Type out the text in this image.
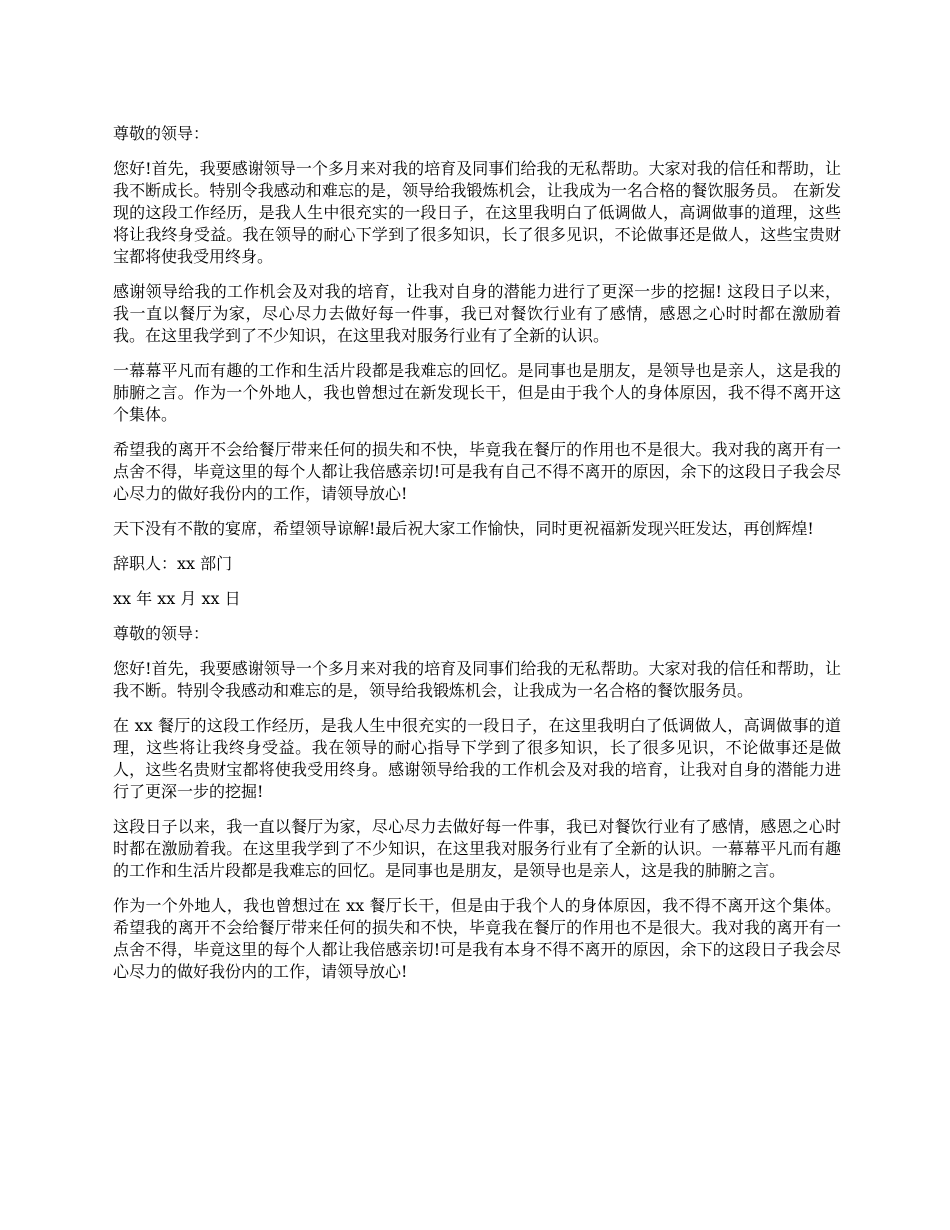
尊敬的领导：

您好!首先，我要感谢领导一个多月来对我的培育及同事们给我的无私帮助。大家对我的信任和帮助，让我不断成长。特别令我感动和难忘的是，领导给我锻炼机会，让我成为一名合格的餐饮服务员。 在新发现的这段工作经历，是我人生中很充实的一段日子，在这里我明白了低调做人，高调做事的道理，这些将让我终身受益。我在领导的耐心下学到了很多知识，长了很多见识，不论做事还是做人，这些宝贵财宝都将使我受用终身。

感谢领导给我的工作机会及对我的培育，让我对自身的潜能力进行了更深一步的挖掘! 这段日子以来，我一直以餐厅为家，尽心尽力去做好每一件事，我已对餐饮行业有了感情，感恩之心时时都在激励着我。在这里我学到了不少知识，在这里我对服务行业有了全新的认识。

一幕幕平凡而有趣的工作和生活片段都是我难忘的回忆。是同事也是朋友，是领导也是亲人，这是我的肺腑之言。作为一个外地人，我也曾想过在新发现长干，但是由于我个人的身体原因，我不得不离开这个集体。

希望我的离开不会给餐厅带来任何的损失和不快，毕竟我在餐厅的作用也不是很大。我对我的离开有一点舍不得，毕竟这里的每个人都让我倍感亲切!可是我有自己不得不离开的原因，余下的这段日子我会尽心尽力的做好我份内的工作，请领导放心!

天下没有不散的宴席，希望领导谅解!最后祝大家工作愉快，同时更祝福新发现兴旺发达，再创辉煌!

辞职人：xx 部门

xx 年 xx 月 xx 日

尊敬的领导：

您好!首先，我要感谢领导一个多月来对我的培育及同事们给我的无私帮助。大家对我的信任和帮助，让我不断。特别令我感动和难忘的是，领导给我锻炼机会，让我成为一名合格的餐饮服务员。

在 xx 餐厅的这段工作经历，是我人生中很充实的一段日子，在这里我明白了低调做人，高调做事的道理，这些将让我终身受益。我在领导的耐心指导下学到了很多知识，长了很多见识，不论做事还是做人，这些名贵财宝都将使我受用终身。感谢领导给我的工作机会及对我的培育，让我对自身的潜能力进行了更深一步的挖掘!

这段日子以来，我一直以餐厅为家，尽心尽力去做好每一件事，我已对餐饮行业有了感情，感恩之心时时都在激励着我。在这里我学到了不少知识，在这里我对服务行业有了全新的认识。一幕幕平凡而有趣的工作和生活片段都是我难忘的回忆。是同事也是朋友，是领导也是亲人，这是我的肺腑之言。

作为一个外地人，我也曾想过在 xx 餐厅长干，但是由于我个人的身体原因，我不得不离开这个集体。 希望我的离开不会给餐厅带来任何的损失和不快，毕竟我在餐厅的作用也不是很大。我对我的离开有一点舍不得，毕竟这里的每个人都让我倍感亲切!可是我有本身不得不离开的原因，余下的这段日子我会尽心尽力的做好我份内的工作，请领导放心!
